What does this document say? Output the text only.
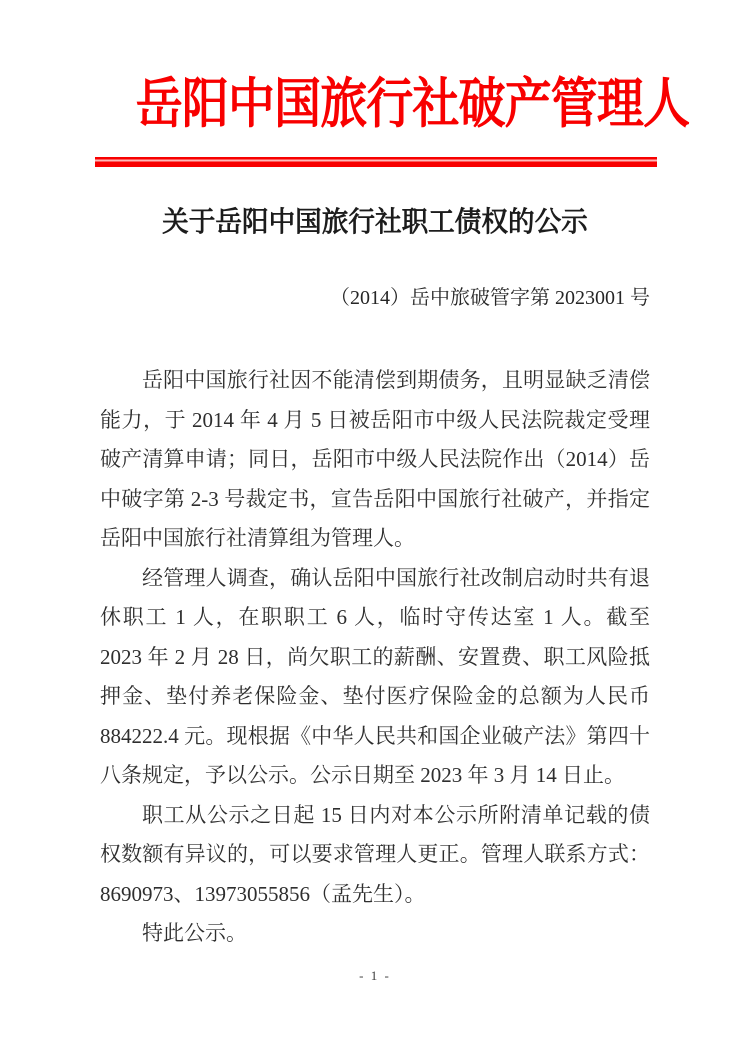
岳阳中国旅行社破产管理人
关于岳阳中国旅行社职工债权的公示
（2014）岳中旅破管字第 2023001 号

岳阳中国旅行社因不能清偿到期债务，且明显缺乏清偿能力，于 2014 年 4 月 5 日被岳阳市中级人民法院裁定受理破产清算申请；同日，岳阳市中级人民法院作出（2014）岳中破字第 2-3 号裁定书，宣告岳阳中国旅行社破产，并指定岳阳中国旅行社清算组为管理人。

经管理人调查，确认岳阳中国旅行社改制启动时共有退休职工 1 人，在职职工 6 人，临时守传达室 1 人。截至 2023 年 2 月 28 日，尚欠职工的薪酬、安置费、职工风险抵押金、垫付养老保险金、垫付医疗保险金的总额为人民币 884222.4 元。现根据《中华人民共和国企业破产法》第四十八条规定，予以公示。公示日期至 2023 年 3 月 14 日止。

职工从公示之日起 15 日内对本公示所附清单记载的债权数额有异议的，可以要求管理人更正。管理人联系方式：8690973、13973055856（孟先生）。

特此公示。

- 1 -
